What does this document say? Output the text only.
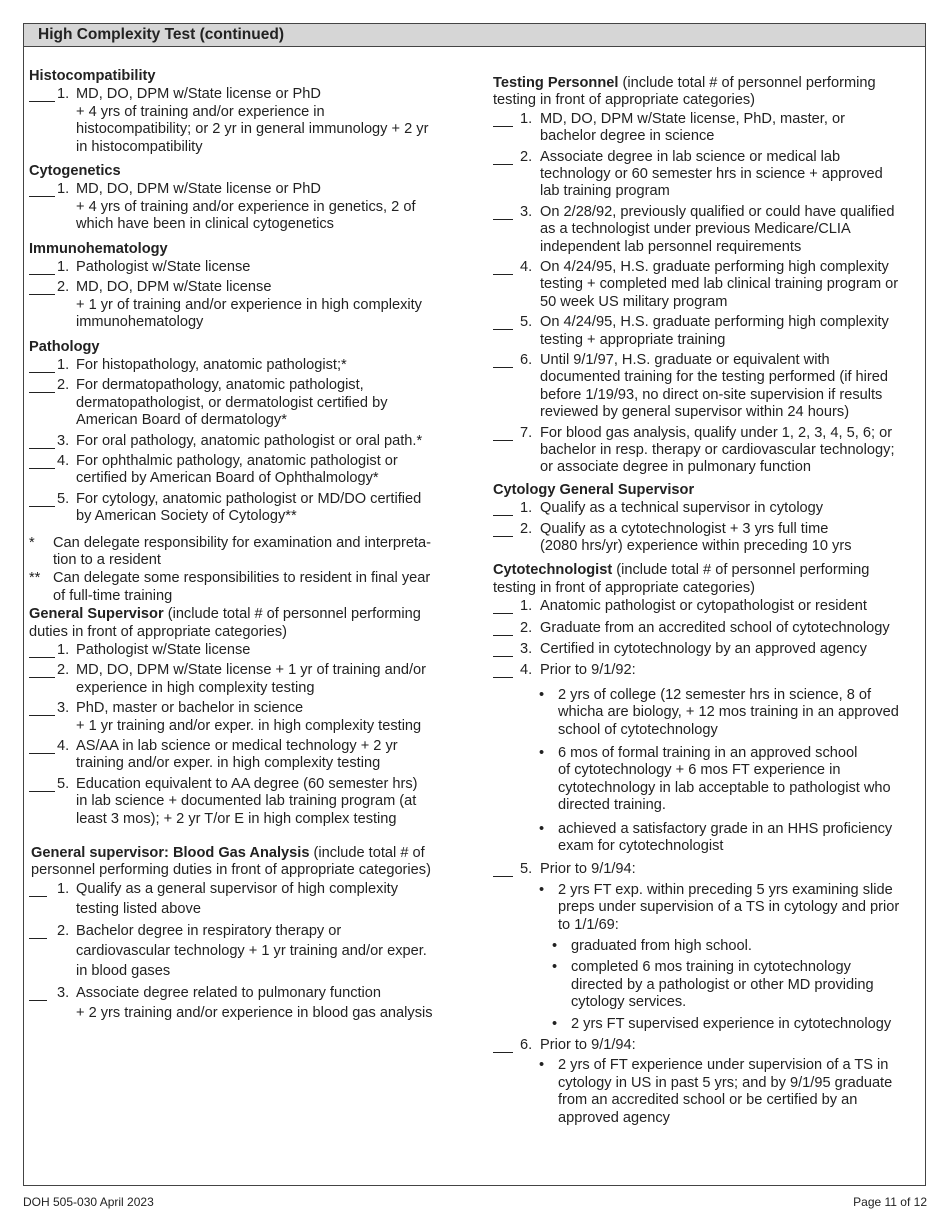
High Complexity Test (continued)
Histocompatibility
1. MD, DO, DPM w/State license or PhD
+ 4 yrs of training and/or experience in
histocompatibility; or 2 yr in general immunology + 2 yr
in histocompatibility
Cytogenetics
1. MD, DO, DPM w/State license or PhD
+ 4 yrs of training and/or experience in genetics, 2 of
which have been in clinical cytogenetics
Immunohematology
1. Pathologist w/State license
2. MD, DO, DPM w/State license
+ 1 yr of training and/or experience in high complexity
immunohematology
Pathology
1. For histopathology, anatomic pathologist;*
2. For dermatopathology, anatomic pathologist,
dermatopathologist, or dermatologist certified by
American Board of dermatology*
3. For oral pathology, anatomic pathologist or oral path.*
4. For ophthalmic pathology, anatomic pathologist or
certified by American Board of Ophthalmology*
5. For cytology, anatomic pathologist or MD/DO certified
by American Society of Cytology**
* Can delegate responsibility for examination and interpreta-
tion to a resident
** Can delegate some responsibilities to resident in final year
of full-time training
General Supervisor (include total # of personnel performing
duties in front of appropriate categories)
1. Pathologist w/State license
2. MD, DO, DPM w/State license + 1 yr of training and/or
experience in high complexity testing
3. PhD, master or bachelor in science
+ 1 yr training and/or exper. in high complexity testing
4. AS/AA in lab science or medical technology + 2 yr
training and/or exper. in high complexity testing
5. Education equivalent to AA degree (60 semester hrs)
in lab science + documented lab training program (at
least 3 mos); + 2 yr T/or E in high complex testing
General supervisor: Blood Gas Analysis (include total # of
personnel performing duties in front of appropriate categories)
1. Qualify as a general supervisor of high complexity
testing listed above
2. Bachelor degree in respiratory therapy or
cardiovascular technology + 1 yr training and/or exper.
in blood gases
3. Associate degree related to pulmonary function
+ 2 yrs training and/or experience in blood gas analysis
Testing Personnel (include total # of personnel performing
testing in front of appropriate categories)
1. MD, DO, DPM w/State license, PhD, master, or
bachelor degree in science
2. Associate degree in lab science or medical lab
technology or 60 semester hrs in science + approved
lab training program
3. On 2/28/92, previously qualified or could have qualified
as a technologist under previous Medicare/CLIA
independent lab personnel requirements
4. On 4/24/95, H.S. graduate performing high complexity
testing + completed med lab clinical training program or
50 week US military program
5. On 4/24/95, H.S. graduate performing high complexity
testing + appropriate training
6. Until 9/1/97, H.S. graduate or equivalent with
documented training for the testing performed (if hired
before 1/19/93, no direct on-site supervision if results
reviewed by general supervisor within 24 hours)
7. For blood gas analysis, qualify under 1, 2, 3, 4, 5, 6; or
bachelor in resp. therapy or cardiovascular technology;
or associate degree in pulmonary function
Cytology General Supervisor
1. Qualify as a technical supervisor in cytology
2. Qualify as a cytotechnologist + 3 yrs full time
(2080 hrs/yr) experience within preceding 10 yrs
Cytotechnologist (include total # of personnel performing
testing in front of appropriate categories)
1. Anatomic pathologist or cytopathologist or resident
2. Graduate from an accredited school of cytotechnology
3. Certified in cytotechnology by an approved agency
4. Prior to 9/1/92:
• 2 yrs of college (12 semester hrs in science, 8 of
whicha are biology, + 12 mos training in an approved
school of cytotechnology
• 6 mos of formal training in an approved school
of cytotechnology + 6 mos FT experience in
cytotechnology in lab acceptable to pathologist who
directed training.
• achieved a satisfactory grade in an HHS proficiency
exam for cytotechnologist
5. Prior to 9/1/94:
• 2 yrs FT exp. within preceding 5 yrs examining slide
preps under supervision of a TS in cytology and prior
to 1/1/69:
• graduated from high school.
• completed 6 mos training in cytotechnology
directed by a pathologist or other MD providing
cytology services.
• 2 yrs FT supervised experience in cytotechnology
6. Prior to 9/1/94:
• 2 yrs of FT experience under supervision of a TS in
cytology in US in past 5 yrs; and by 9/1/95 graduate
from an accredited school or be certified by an
approved agency
DOH 505-030 April 2023	Page 11 of 12
